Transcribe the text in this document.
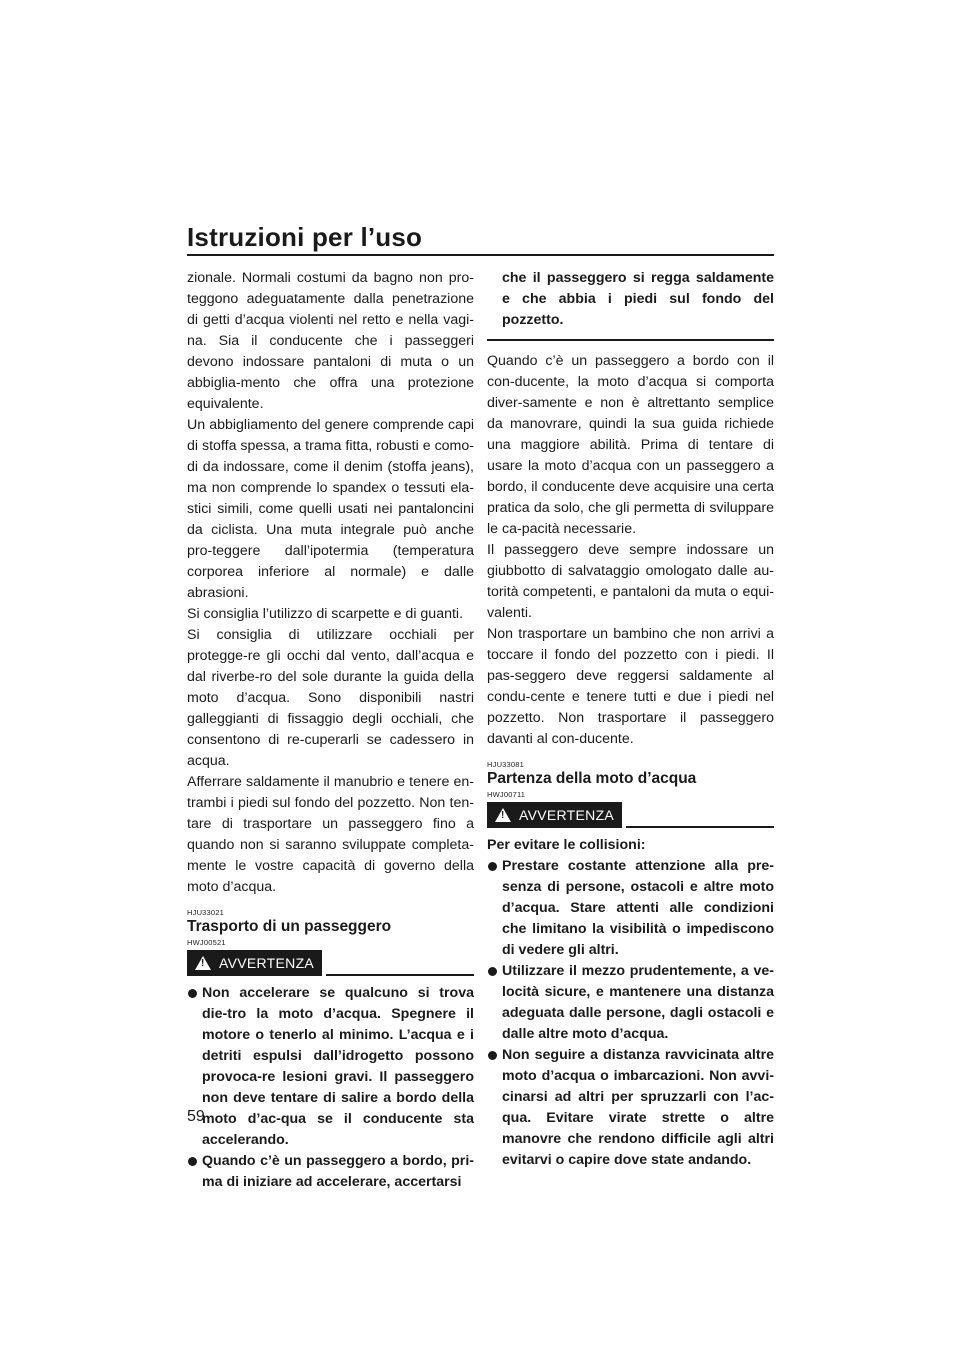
Istruzioni per l’uso

zionale. Normali costumi da bagno non pro-teggono adeguatamente dalla penetrazione di getti d’acqua violenti nel retto e nella vagi-na. Sia il conducente che i passeggeri devono indossare pantaloni di muta o un abbiglia-mento che offra una protezione equivalente.

Un abbigliamento del genere comprende capi di stoffa spessa, a trama fitta, robusti e como-di da indossare, come il denim (stoffa jeans), ma non comprende lo spandex o tessuti ela-stici simili, come quelli usati nei pantaloncini da ciclista. Una muta integrale può anche pro-teggere dall’ipotermia (temperatura corporea inferiore al normale) e dalle abrasioni.

Si consiglia l’utilizzo di scarpette e di guanti.

Si consiglia di utilizzare occhiali per protegge-re gli occhi dal vento, dall’acqua e dal riverbe-ro del sole durante la guida della moto d’acqua. Sono disponibili nastri galleggianti di fissaggio degli occhiali, che consentono di re-cuperarli se cadessero in acqua.

Afferrare saldamente il manubrio e tenere en-trambi i piedi sul fondo del pozzetto. Non ten-tare di trasportare un passeggero fino a quando non si saranno sviluppate completa-mente le vostre capacità di governo della moto d’acqua.

HJU33021
Trasporto di un passeggero
HWJ00521
! AVVERTENZA
Non accelerare se qualcuno si trova die-tro la moto d’acqua. Spegnere il motore o tenerlo al minimo. L’acqua e i detriti espulsi dall’idrogetto possono provoca-re lesioni gravi. Il passeggero non deve tentare di salire a bordo della moto d’ac-qua se il conducente sta accelerando.
Quando c’è un passeggero a bordo, pri-ma di iniziare ad accelerare, accertarsi
che il passeggero si regga saldamente e che abbia i piedi sul fondo del pozzetto.

Quando c’è un passeggero a bordo con il con-ducente, la moto d’acqua si comporta diver-samente e non è altrettanto semplice da manovrare, quindi la sua guida richiede una maggiore abilità. Prima di tentare di usare la moto d’acqua con un passeggero a bordo, il conducente deve acquisire una certa pratica da solo, che gli permetta di sviluppare le ca-pacità necessarie.

Il passeggero deve sempre indossare un giubbotto di salvataggio omologato dalle au-torità competenti, e pantaloni da muta o equi-valenti.

Non trasportare un bambino che non arrivi a toccare il fondo del pozzetto con i piedi. Il pas-seggero deve reggersi saldamente al condu-cente e tenere tutti e due i piedi nel pozzetto. Non trasportare il passeggero davanti al con-ducente.

HJU33081
Partenza della moto d’acqua
HWJ00711
! AVVERTENZA
Per evitare le collisioni:
Prestare costante attenzione alla pre-senza di persone, ostacoli e altre moto d’acqua. Stare attenti alle condizioni che limitano la visibilità o impediscono di vedere gli altri.
Utilizzare il mezzo prudentemente, a ve-locità sicure, e mantenere una distanza adeguata dalle persone, dagli ostacoli e dalle altre moto d’acqua.
Non seguire a distanza ravvicinata altre moto d’acqua o imbarcazioni. Non avvi-cinarsi ad altri per spruzzarli con l’ac-qua. Evitare virate strette o altre manovre che rendono difficile agli altri evitarvi o capire dove state andando.
59
